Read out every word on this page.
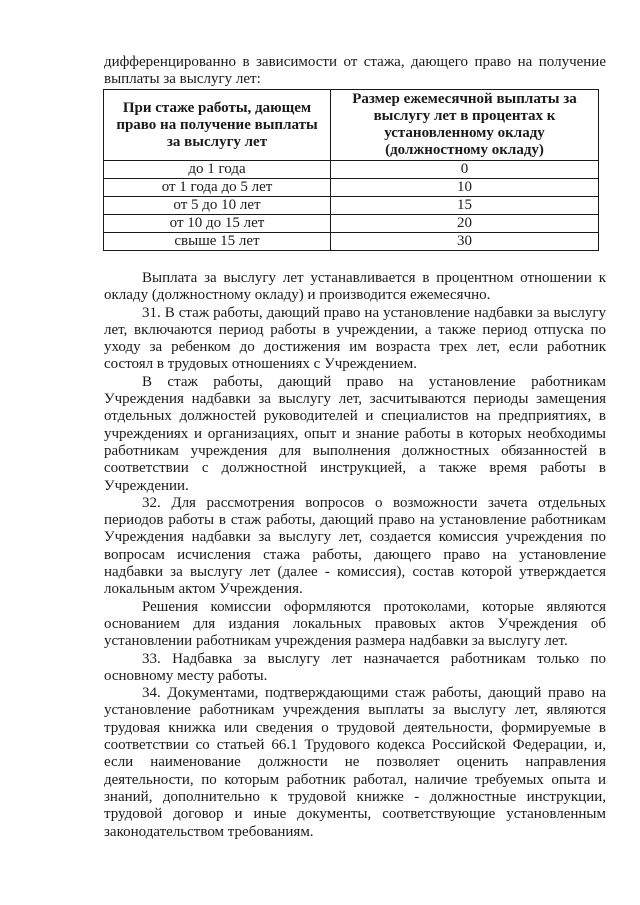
дифференцированно в зависимости от стажа, дающего право на получение выплаты за выслугу лет:
При стаже работы, дающем право на получение выплаты за выслугу лет	Размер ежемесячной выплаты за выслугу лет в процентах к установленному окладу (должностному окладу)
до 1 года	0
от 1 года до 5 лет	10
от 5 до 10 лет	15
от 10 до 15 лет	20
свыше 15 лет	30

Выплата за выслугу лет устанавливается в процентном отношении к окладу (должностному окладу) и производится ежемесячно.

31. В стаж работы, дающий право на установление надбавки за выслугу лет, включаются период работы в учреждении, а также период отпуска по уходу за ребенком до достижения им возраста трех лет, если работник состоял в трудовых отношениях с Учреждением.

В стаж работы, дающий право на установление работникам Учреждения надбавки за выслугу лет, засчитываются периоды замещения отдельных должностей руководителей и специалистов на предприятиях, в учреждениях и организациях, опыт и знание работы в которых необходимы работникам учреждения для выполнения должностных обязанностей в соответствии с должностной инструкцией, а также время работы в Учреждении.

32. Для рассмотрения вопросов о возможности зачета отдельных периодов работы в стаж работы, дающий право на установление работникам Учреждения надбавки за выслугу лет, создается комиссия учреждения по вопросам исчисления стажа работы, дающего право на установление надбавки за выслугу лет (далее - комиссия), состав которой утверждается локальным актом Учреждения.

Решения комиссии оформляются протоколами, которые являются основанием для издания локальных правовых актов Учреждения об установлении работникам учреждения размера надбавки за выслугу лет.

33. Надбавка за выслугу лет назначается работникам только по основному месту работы.

34. Документами, подтверждающими стаж работы, дающий право на установление работникам учреждения выплаты за выслугу лет, являются трудовая книжка или сведения о трудовой деятельности, формируемые в соответствии со статьей 66.1 Трудового кодекса Российской Федерации, и, если наименование должности не позволяет оценить направления деятельности, по которым работник работал, наличие требуемых опыта и знаний, дополнительно к трудовой книжке - должностные инструкции, трудовой договор и иные документы, соответствующие установленным законодательством требованиям.
